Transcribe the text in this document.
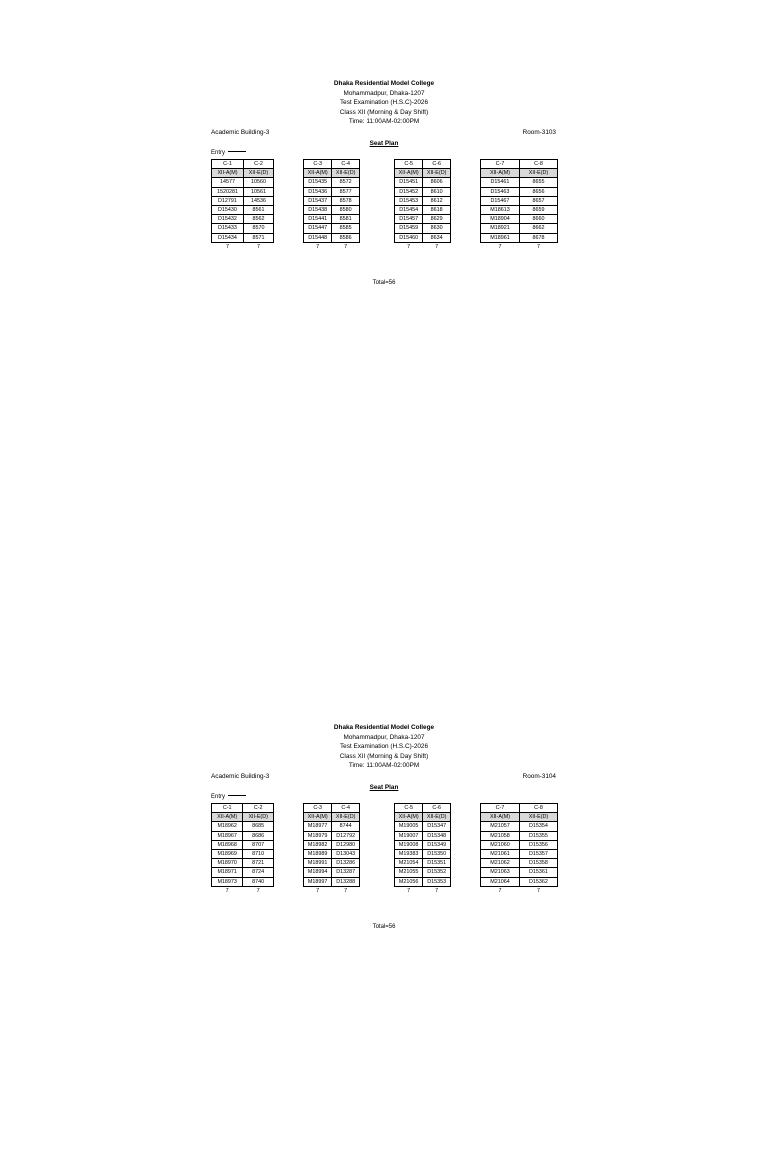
Dhaka Residential Model College
Mohammadpur, Dhaka-1207
Test Examination (H.S.C)-2026
Class XII (Morning & Day Shift)
Time: 11:00AM-02:00PM
Academic Building-3	Room-3103
Seat Plan
Entry
C-1	C-2
XII-A(M)	XII-E(D)
14577	10560
1520281	10561
D12791	14536
D15430	8561
D15432	8562
D15433	8570
D15434	8571
7	7
C-3	C-4
XII-A(M)	XII-E(D)
D15435	8572
D15436	8577
D15437	8578
D15438	8580
D15441	8581
D15447	8585
D15448	8586
7	7
C-5	C-6
XII-A(M)	XII-E(D)
D15451	8606
D15452	8610
D15453	8612
D15454	8618
D15457	8629
D15459	8630
D15460	8634
7	7
C-7	C-8
XII-A(M)	XII-E(D)
D15461	8655
D15463	8656
D15467	8657
M18613	8659
M18904	8660
M18921	8662
M18961	8678
7	7
Total=56
Dhaka Residential Model College
Mohammadpur, Dhaka-1207
Test Examination (H.S.C)-2026
Class XII (Morning & Day Shift)
Time: 11:00AM-02:00PM
Academic Building-3	Room-3104
Seat Plan
Entry
C-1	C-2
XII-A(M)	XII-E(D)
M18962	8685
M18967	8686
M18968	8707
M18969	8710
M18970	8721
M18971	8724
M18973	8740
7	7
C-3	C-4
XII-A(M)	XII-E(D)
M18977	8744
M18979	D12792
M18982	D12980
M18989	D13043
M18991	D13286
M18994	D13287
M18997	D13288
7	7
C-5	C-6
XII-A(M)	XII-E(D)
M19005	D15347
M19007	D15348
M19008	D15349
M19383	D15350
M21054	D15351
M21055	D15352
M21056	D15353
7	7
C-7	C-8
XII-A(M)	XII-E(D)
M21057	D15354
M21058	D15355
M21060	D15356
M21061	D15357
M21062	D15358
M21063	D15361
M21064	D15362
7	7
Total=56
